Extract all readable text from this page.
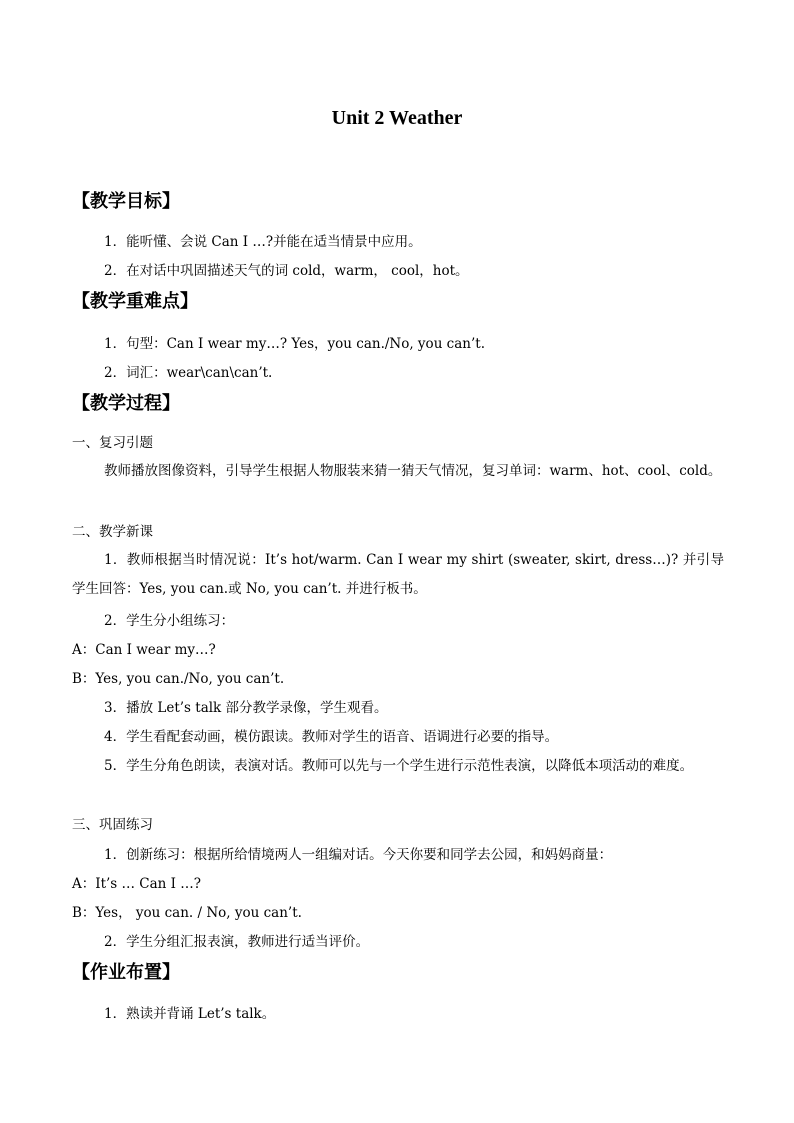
Unit 2 Weather
【教学目标】
1．能听懂、会说 Can I …?并能在适当情景中应用。
2．在对话中巩固描述天气的词 cold，warm， cool，hot。
【教学重难点】
1．句型：Can I wear my…? Yes，you can./No, you can’t.
2．词汇：wear\can\can’t.
【教学过程】
一、复习引题
教师播放图像资料，引导学生根据人物服装来猜一猜天气情况，复习单词：warm、hot、cool、cold。
二、教学新课
1．教师根据当时情况说：It’s hot/warm. Can I wear my shirt (sweater, skirt, dress…)? 并引导学生回答：Yes, you can.或 No, you can’t. 并进行板书。
2．学生分小组练习：
A：Can I wear my…?
B：Yes, you can./No, you can’t.
3．播放 Let’s talk 部分教学录像，学生观看。
4．学生看配套动画，模仿跟读。教师对学生的语音、语调进行必要的指导。
5．学生分角色朗读，表演对话。教师可以先与一个学生进行示范性表演，以降低本项活动的难度。
三、巩固练习
1．创新练习：根据所给情境两人一组编对话。今天你要和同学去公园，和妈妈商量：
A：It’s … Can I …?
B：Yes， you can. / No, you can’t.
2．学生分组汇报表演，教师进行适当评价。
【作业布置】
1．熟读并背诵 Let’s talk。
